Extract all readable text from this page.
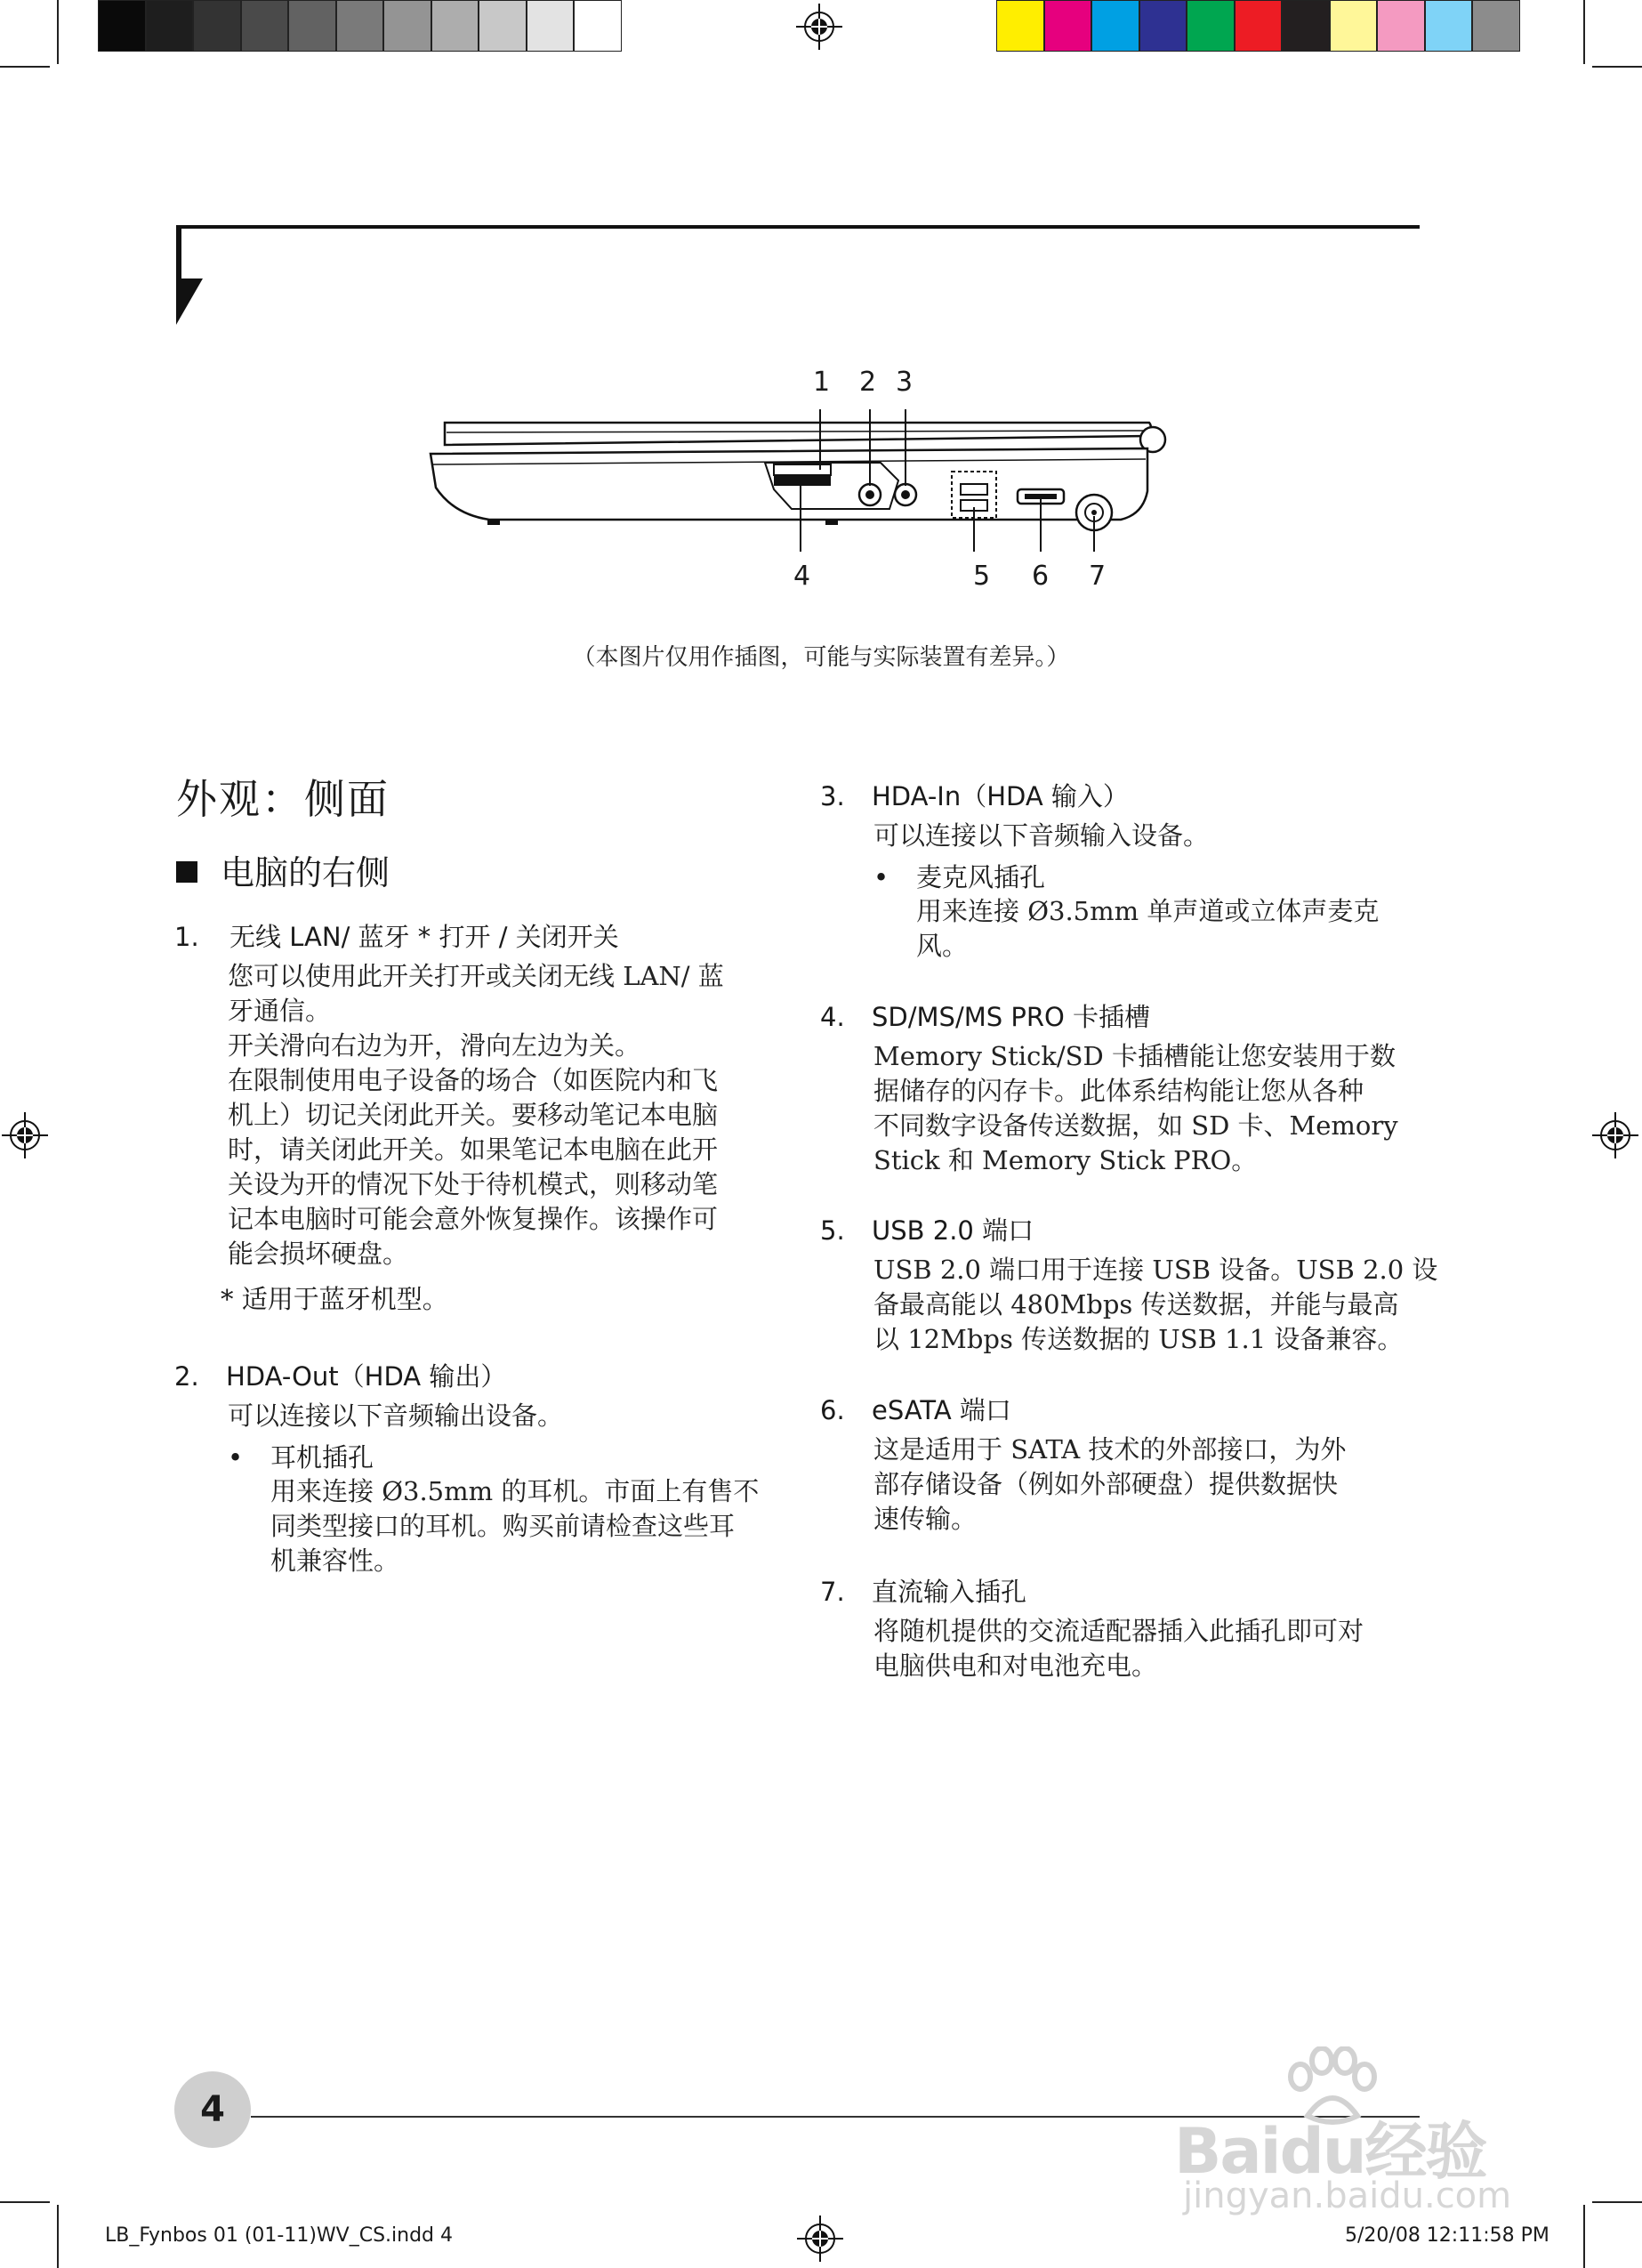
1 2 3
4	5 6 7
（本图片仅用作插图，可能与实际装置有差异。）
外观：侧面
电脑的右侧
1. 无线 LAN/ 蓝牙 * 打开 / 关闭开关

您可以使用此开关打开或关闭无线 LAN/ 蓝

牙通信。

开关滑向右边为开，滑向左边为关。

在限制使用电子设备的场合（如医院内和飞

机上）切记关闭此开关。要移动笔记本电脑

时，请关闭此开关。如果笔记本电脑在此开

关设为开的情况下处于待机模式，则移动笔

记本电脑时可能会意外恢复操作。该操作可

能会损坏硬盘。

* 适用于蓝牙机型。
2. HDA-Out（HDA 输出）
可以连接以下音频输出设备。
• 耳机插孔
用来连接 Ø3.5mm 的耳机。市面上有售不
同类型接口的耳机。购买前请检查这些耳
机兼容性。
3. HDA-In（HDA 输入）
可以连接以下音频输入设备。
• 麦克风插孔
用来连接 Ø3.5mm 单声道或立体声麦克
风。
4. SD/MS/MS PRO 卡插槽

Memory Stick/SD 卡插槽能让您安装用于数

据储存的闪存卡。此体系结构能让您从各种

不同数字设备传送数据，如 SD 卡、Memory

Stick 和 Memory Stick PRO。

5. USB 2.0 端口

USB 2.0 端口用于连接 USB 设备。USB 2.0 设

备最高能以 480Mbps 传送数据，并能与最高

以 12Mbps 传送数据的 USB 1.1 设备兼容。

6. eSATA 端口

这是适用于 SATA 技术的外部接口，为外

部存储设备（例如外部硬盘）提供数据快

速传输。

7. 直流输入插孔

将随机提供的交流适配器插入此插孔即可对

电脑供电和对电池充电。

4
Baidu经验
jingyan.baidu.com
LB_Fynbos 01 (01-11)WV_CS.indd 4	5/20/08 12:11:58 PM
